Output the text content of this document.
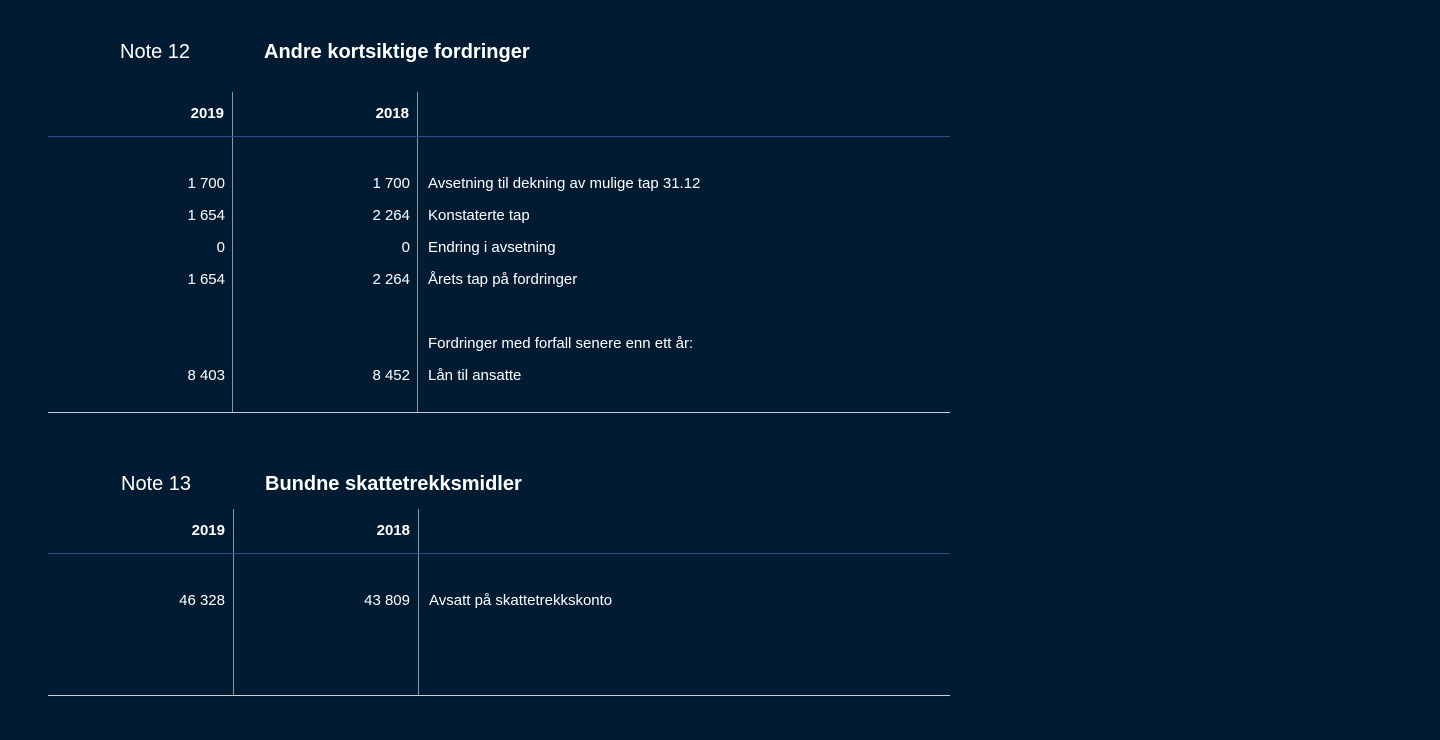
Note 12	Andre kortsiktige fordringer
2019	2018
1 700	1 700 Avsetning til dekning av mulige tap 31.12
1 654	2 264 Konstaterte tap
0	0 Endring i avsetning
1 654	2 264 Årets tap på fordringer
Fordringer med forfall senere enn ett år:
8 403	8 452 Lån til ansatte
Note 13	Bundne skattetrekksmidler
2019	2018
46 328	43 809 Avsatt på skattetrekkskonto
